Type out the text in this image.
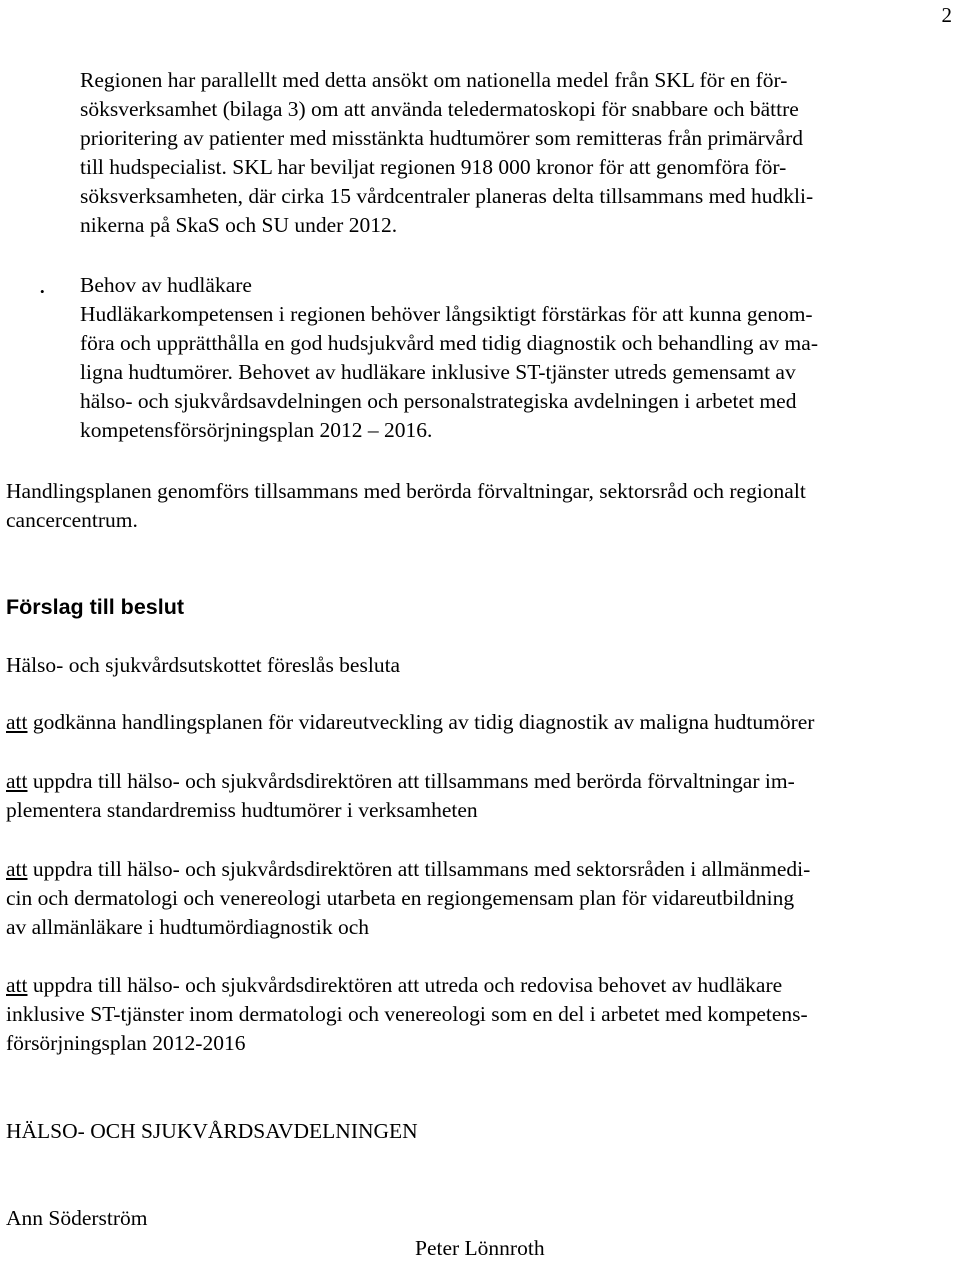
2

Regionen har parallellt med detta ansökt om nationella medel från SKL för en för-
söksverksamhet (bilaga 3) om att använda teledermatoskopi för snabbare och bättre
prioritering av patienter med misstänkta hudtumörer som remitteras från primärvård
till hudspecialist. SKL har beviljat regionen 918 000 kronor för att genomföra för-
söksverksamheten, där cirka 15 vårdcentraler planeras delta tillsammans med hudkli-
nikerna på SkaS och SU under 2012.

• Behov av hudläkare
Hudläkarkompetensen i regionen behöver långsiktigt förstärkas för att kunna genom-
föra och upprätthålla en god hudsjukvård med tidig diagnostik och behandling av ma-
ligna hudtumörer. Behovet av hudläkare inklusive ST-tjänster utreds gemensamt av
hälso- och sjukvårdsavdelningen och personalstrategiska avdelningen i arbetet med
kompetensförsörjningsplan 2012 – 2016.

Handlingsplanen genomförs tillsammans med berörda förvaltningar, sektorsråd och regionalt
cancercentrum.

Förslag till beslut

Hälso- och sjukvårdsutskottet föreslås besluta

att godkänna handlingsplanen för vidareutveckling av tidig diagnostik av maligna hudtumörer

att uppdra till hälso- och sjukvårdsdirektören att tillsammans med berörda förvaltningar im-
plementera standardremiss hudtumörer i verksamheten

att uppdra till hälso- och sjukvårdsdirektören att tillsammans med sektorsråden i allmänmedi-
cin och dermatologi och venereologi utarbeta en regiongemensam plan för vidareutbildning
av allmänläkare i hudtumördiagnostik och

att uppdra till hälso- och sjukvårdsdirektören att utreda och redovisa behovet av hudläkare
inklusive ST-tjänster inom dermatologi och venereologi som en del i arbetet med kompetens-
försörjningsplan 2012-2016

HÄLSO- OCH SJUKVÅRDSAVDELNINGEN

Ann Söderström

Peter Lönnroth
